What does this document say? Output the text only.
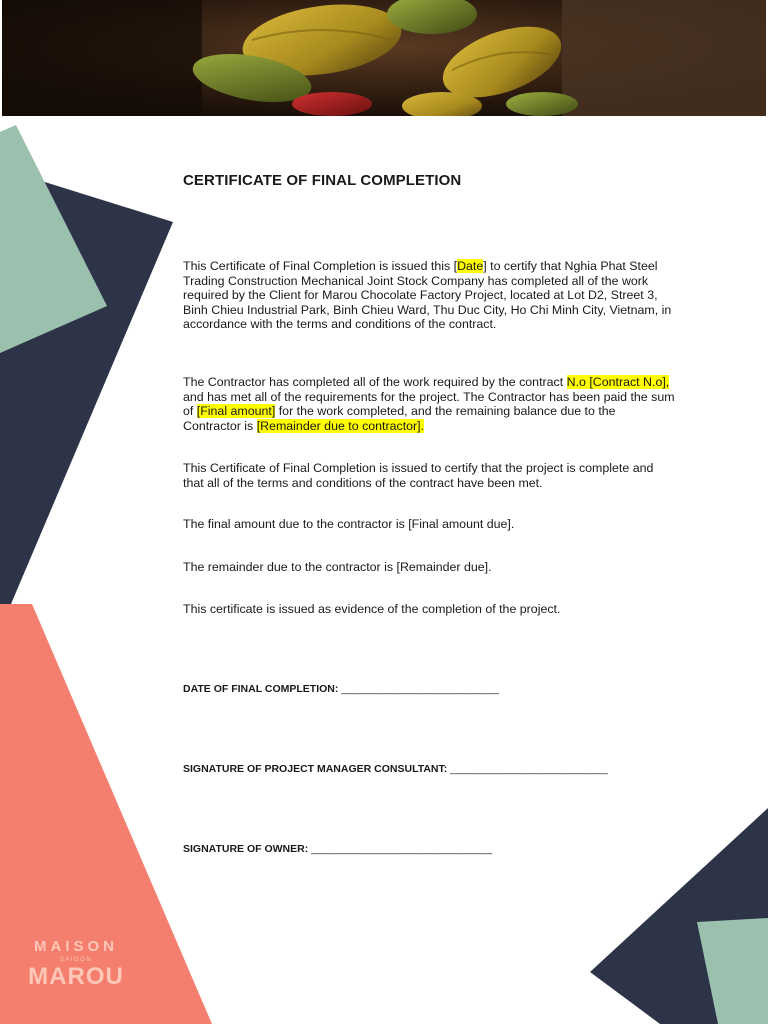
CERTIFICATE OF FINAL COMPLETION
This Certificate of Final Completion is issued this [Date] to certify that Nghia Phat Steel Trading Construction Mechanical Joint Stock Company has completed all of the work required by the Client for Marou Chocolate Factory Project, located at Lot D2, Street 3, Binh Chieu Industrial Park, Binh Chieu Ward, Thu Duc City, Ho Chi Minh City, Vietnam, in accordance with the terms and conditions of the contract.
The Contractor has completed all of the work required by the contract N.o [Contract N.o], and has met all of the requirements for the project. The Contractor has been paid the sum of [Final amount] for the work completed, and the remaining balance due to the Contractor is [Remainder due to contractor].
This Certificate of Final Completion is issued to certify that the project is complete and that all of the terms and conditions of the contract have been met.
The final amount due to the contractor is [Final amount due].
The remainder due to the contractor is [Remainder due].
This certificate is issued as evidence of the completion of the project.
DATE OF FINAL COMPLETION: ___________________________
SIGNATURE OF PROJECT MANAGER CONSULTANT: ___________________________
SIGNATURE OF OWNER: _______________________________
MAISON
SAIGON
MAROU
